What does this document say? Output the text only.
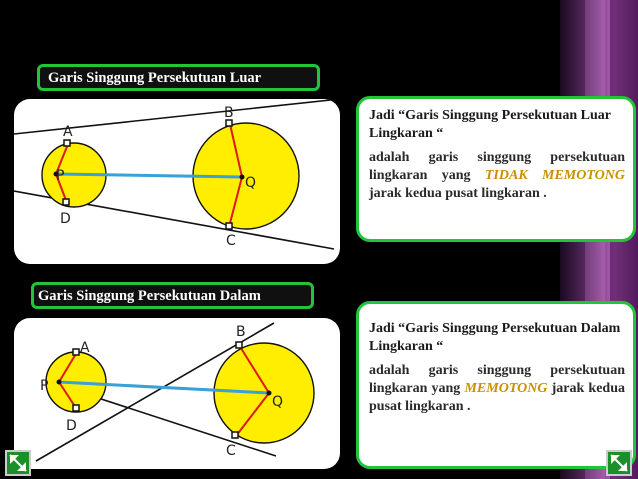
Garis Singgung Persekutuan Luar
A
B
P	Q
D
C
Jadi “Garis Singgung Persekutuan Luar Lingkaran “
adalah garis singgung persekutuan lingkaran yang TIDAK MEMOTONG jarak kedua pusat lingkaran .
Garis Singgung Persekutuan Dalam
A
B
P
Q
D
C
Jadi “Garis Singgung Persekutuan Dalam Lingkaran “
adalah garis singgung persekutuan lingkaran yang MEMOTONG jarak kedua pusat lingkaran .
